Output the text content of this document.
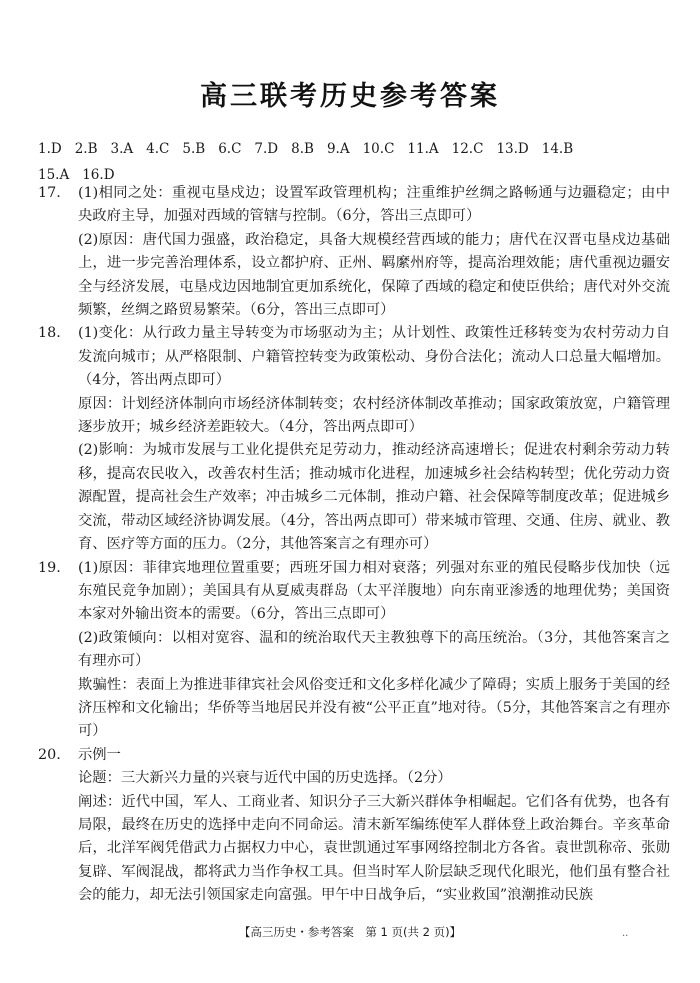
高三联考历史参考答案
1.D 2.B 3.A 4.C 5.B 6.C 7.D 8.B 9.A 10.C 11.A 12.C 13.D 14.B
15.A 16.D
17. (1)相同之处：重视屯垦戍边；设置军政管理机构；注重维护丝绸之路畅通与边疆稳定；由中央政府主导，加强对西域的管辖与控制。（6分，答出三点即可）

(2)原因：唐代国力强盛，政治稳定，具备大规模经营西域的能力；唐代在汉晋屯垦戍边基础上，进一步完善治理体系，设立都护府、正州、羁縻州府等，提高治理效能；唐代重视边疆安全与经济发展，屯垦戍边因地制宜更加系统化，保障了西域的稳定和使臣供给；唐代对外交流频繁，丝绸之路贸易繁荣。（6分，答出三点即可）

18. (1)变化：从行政力量主导转变为市场驱动为主；从计划性、政策性迁移转变为农村劳动力自发流向城市；从严格限制、户籍管控转变为政策松动、身份合法化；流动人口总量大幅增加。（4分，答出两点即可）

原因：计划经济体制向市场经济体制转变；农村经济体制改革推动；国家政策放宽，户籍管理逐步放开；城乡经济差距较大。（4分，答出两点即可）

(2)影响：为城市发展与工业化提供充足劳动力，推动经济高速增长；促进农村剩余劳动力转移，提高农民收入，改善农村生活；推动城市化进程，加速城乡社会结构转型；优化劳动力资源配置，提高社会生产效率；冲击城乡二元体制，推动户籍、社会保障等制度改革；促进城乡交流，带动区域经济协调发展。（4分，答出两点即可）带来城市管理、交通、住房、就业、教育、医疗等方面的压力。（2分，其他答案言之有理亦可）

19. (1)原因：菲律宾地理位置重要；西班牙国力相对衰落；列强对东亚的殖民侵略步伐加快（远东殖民竞争加剧）；美国具有从夏威夷群岛（太平洋腹地）向东南亚渗透的地理优势；美国资本家对外输出资本的需要。（6分，答出三点即可）

(2)政策倾向：以相对宽容、温和的统治取代天主教独尊下的高压统治。（3分，其他答案言之有理亦可）

欺骗性：表面上为推进菲律宾社会风俗变迁和文化多样化减少了障碍；实质上服务于美国的经济压榨和文化输出；华侨等当地居民并没有被“公平正直”地对待。（5分，其他答案言之有理亦可）

20. 示例一

论题：三大新兴力量的兴衰与近代中国的历史选择。（2分）

阐述：近代中国，军人、工商业者、知识分子三大新兴群体争相崛起。它们各有优势，也各有局限，最终在历史的选择中走向不同命运。清末新军编练使军人群体登上政治舞台。辛亥革命后，北洋军阀凭借武力占据权力中心，袁世凯通过军事网络控制北方各省。袁世凯称帝、张勋复辟、军阀混战，都将武力当作争权工具。但当时军人阶层缺乏现代化眼光，他们虽有整合社会的能力，却无法引领国家走向富强。甲午中日战争后，“实业救国”浪潮推动民族

【高三历史・参考答案　第 1 页(共 2 页)】	..
